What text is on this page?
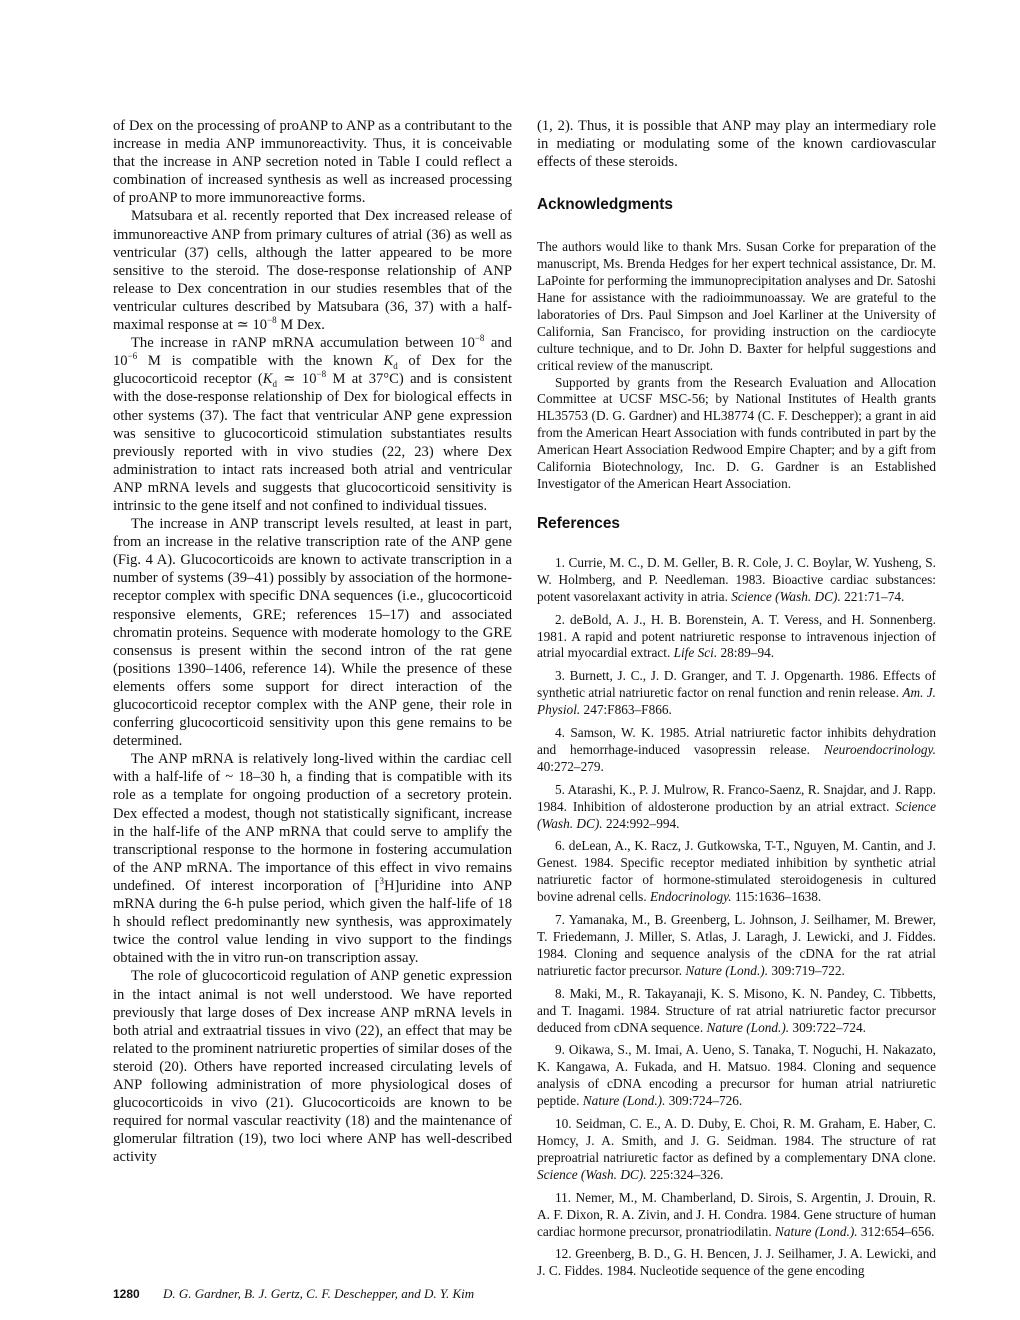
of Dex on the processing of proANP to ANP as a contributant to the increase in media ANP immunoreactivity. Thus, it is conceivable that the increase in ANP secretion noted in Table I could reflect a combination of increased synthesis as well as increased processing of proANP to more immunoreactive forms.

Matsubara et al. recently reported that Dex increased release of immunoreactive ANP from primary cultures of atrial (36) as well as ventricular (37) cells, although the latter appeared to be more sensitive to the steroid. The dose-response relationship of ANP release to Dex concentration in our studies resembles that of the ventricular cultures described by Matsubara (36, 37) with a half-maximal response at ≃ $10^{-8}$ M Dex.

The increase in rANP mRNA accumulation between $10^{-8}$ and $10^{-6}$ M is compatible with the known $K_d$ of Dex for the glucocorticoid receptor ($K_d$ ≃ $10^{-8}$ M at 37°C) and is consistent with the dose-response relationship of Dex for biological effects in other systems (37). The fact that ventricular ANP gene expression was sensitive to glucocorticoid stimulation substantiates results previously reported with in vivo studies (22, 23) where Dex administration to intact rats increased both atrial and ventricular ANP mRNA levels and suggests that glucocorticoid sensitivity is intrinsic to the gene itself and not confined to individual tissues.

The increase in ANP transcript levels resulted, at least in part, from an increase in the relative transcription rate of the ANP gene (Fig. 4 A). Glucocorticoids are known to activate transcription in a number of systems (39–41) possibly by association of the hormone-receptor complex with specific DNA sequences (i.e., glucocorticoid responsive elements, GRE; references 15–17) and associated chromatin proteins. Sequence with moderate homology to the GRE consensus is present within the second intron of the rat gene (positions 1390–1406, reference 14). While the presence of these elements offers some support for direct interaction of the glucocorticoid receptor complex with the ANP gene, their role in conferring glucocorticoid sensitivity upon this gene remains to be determined.

The ANP mRNA is relatively long-lived within the cardiac cell with a half-life of ~ 18–30 h, a finding that is compatible with its role as a template for ongoing production of a secretory protein. Dex effected a modest, though not statistically significant, increase in the half-life of the ANP mRNA that could serve to amplify the transcriptional response to the hormone in fostering accumulation of the ANP mRNA. The importance of this effect in vivo remains undefined. Of interest incorporation of [$^3$H]uridine into ANP mRNA during the 6-h pulse period, which given the half-life of 18 h should reflect predominantly new synthesis, was approximately twice the control value lending in vivo support to the findings obtained with the in vitro run-on transcription assay.

The role of glucocorticoid regulation of ANP genetic expression in the intact animal is not well understood. We have reported previously that large doses of Dex increase ANP mRNA levels in both atrial and extraatrial tissues in vivo (22), an effect that may be related to the prominent natriuretic properties of similar doses of the steroid (20). Others have reported increased circulating levels of ANP following administration of more physiological doses of glucocorticoids in vivo (21). Glucocorticoids are known to be required for normal vascular reactivity (18) and the maintenance of glomerular filtration (19), two loci where ANP has well-described activity

(1, 2). Thus, it is possible that ANP may play an intermediary role in mediating or modulating some of the known cardiovascular effects of these steroids.

Acknowledgments

The authors would like to thank Mrs. Susan Corke for preparation of the manuscript, Ms. Brenda Hedges for her expert technical assistance, Dr. M. LaPointe for performing the immunoprecipitation analyses and Dr. Satoshi Hane for assistance with the radioimmunoassay. We are grateful to the laboratories of Drs. Paul Simpson and Joel Karliner at the University of California, San Francisco, for providing instruction on the cardiocyte culture technique, and to Dr. John D. Baxter for helpful suggestions and critical review of the manuscript.

Supported by grants from the Research Evaluation and Allocation Committee at UCSF MSC-56; by National Institutes of Health grants HL35753 (D. G. Gardner) and HL38774 (C. F. Deschepper); a grant in aid from the American Heart Association with funds contributed in part by the American Heart Association Redwood Empire Chapter; and by a gift from California Biotechnology, Inc. D. G. Gardner is an Established Investigator of the American Heart Association.

References

1. Currie, M. C., D. M. Geller, B. R. Cole, J. C. Boylar, W. Yusheng, S. W. Holmberg, and P. Needleman. 1983. Bioactive cardiac substances: potent vasorelaxant activity in atria. Science (Wash. DC). 221:71–74.

2. deBold, A. J., H. B. Borenstein, A. T. Veress, and H. Sonnenberg. 1981. A rapid and potent natriuretic response to intravenous injection of atrial myocardial extract. Life Sci. 28:89–94.

3. Burnett, J. C., J. D. Granger, and T. J. Opgenarth. 1986. Effects of synthetic atrial natriuretic factor on renal function and renin release. Am. J. Physiol. 247:F863–F866.

4. Samson, W. K. 1985. Atrial natriuretic factor inhibits dehydration and hemorrhage-induced vasopressin release. Neuroendocrinology. 40:272–279.

5. Atarashi, K., P. J. Mulrow, R. Franco-Saenz, R. Snajdar, and J. Rapp. 1984. Inhibition of aldosterone production by an atrial extract. Science (Wash. DC). 224:992–994.

6. deLean, A., K. Racz, J. Gutkowska, T-T., Nguyen, M. Cantin, and J. Genest. 1984. Specific receptor mediated inhibition by synthetic atrial natriuretic factor of hormone-stimulated steroidogenesis in cultured bovine adrenal cells. Endocrinology. 115:1636–1638.

7. Yamanaka, M., B. Greenberg, L. Johnson, J. Seilhamer, M. Brewer, T. Friedemann, J. Miller, S. Atlas, J. Laragh, J. Lewicki, and J. Fiddes. 1984. Cloning and sequence analysis of the cDNA for the rat atrial natriuretic factor precursor. Nature (Lond.). 309:719–722.

8. Maki, M., R. Takayanaji, K. S. Misono, K. N. Pandey, C. Tibbetts, and T. Inagami. 1984. Structure of rat atrial natriuretic factor precursor deduced from cDNA sequence. Nature (Lond.). 309:722–724.

9. Oikawa, S., M. Imai, A. Ueno, S. Tanaka, T. Noguchi, H. Nakazato, K. Kangawa, A. Fukada, and H. Matsuo. 1984. Cloning and sequence analysis of cDNA encoding a precursor for human atrial natriuretic peptide. Nature (Lond.). 309:724–726.

10. Seidman, C. E., A. D. Duby, E. Choi, R. M. Graham, E. Haber, C. Homcy, J. A. Smith, and J. G. Seidman. 1984. The structure of rat preproatrial natriuretic factor as defined by a complementary DNA clone. Science (Wash. DC). 225:324–326.

11. Nemer, M., M. Chamberland, D. Sirois, S. Argentin, J. Drouin, R. A. F. Dixon, R. A. Zivin, and J. H. Condra. 1984. Gene structure of human cardiac hormone precursor, pronatriodilatin. Nature (Lond.). 312:654–656.

12. Greenberg, B. D., G. H. Bencen, J. J. Seilhamer, J. A. Lewicki, and J. C. Fiddes. 1984. Nucleotide sequence of the gene encoding

1280 D. G. Gardner, B. J. Gertz, C. F. Deschepper, and D. Y. Kim
